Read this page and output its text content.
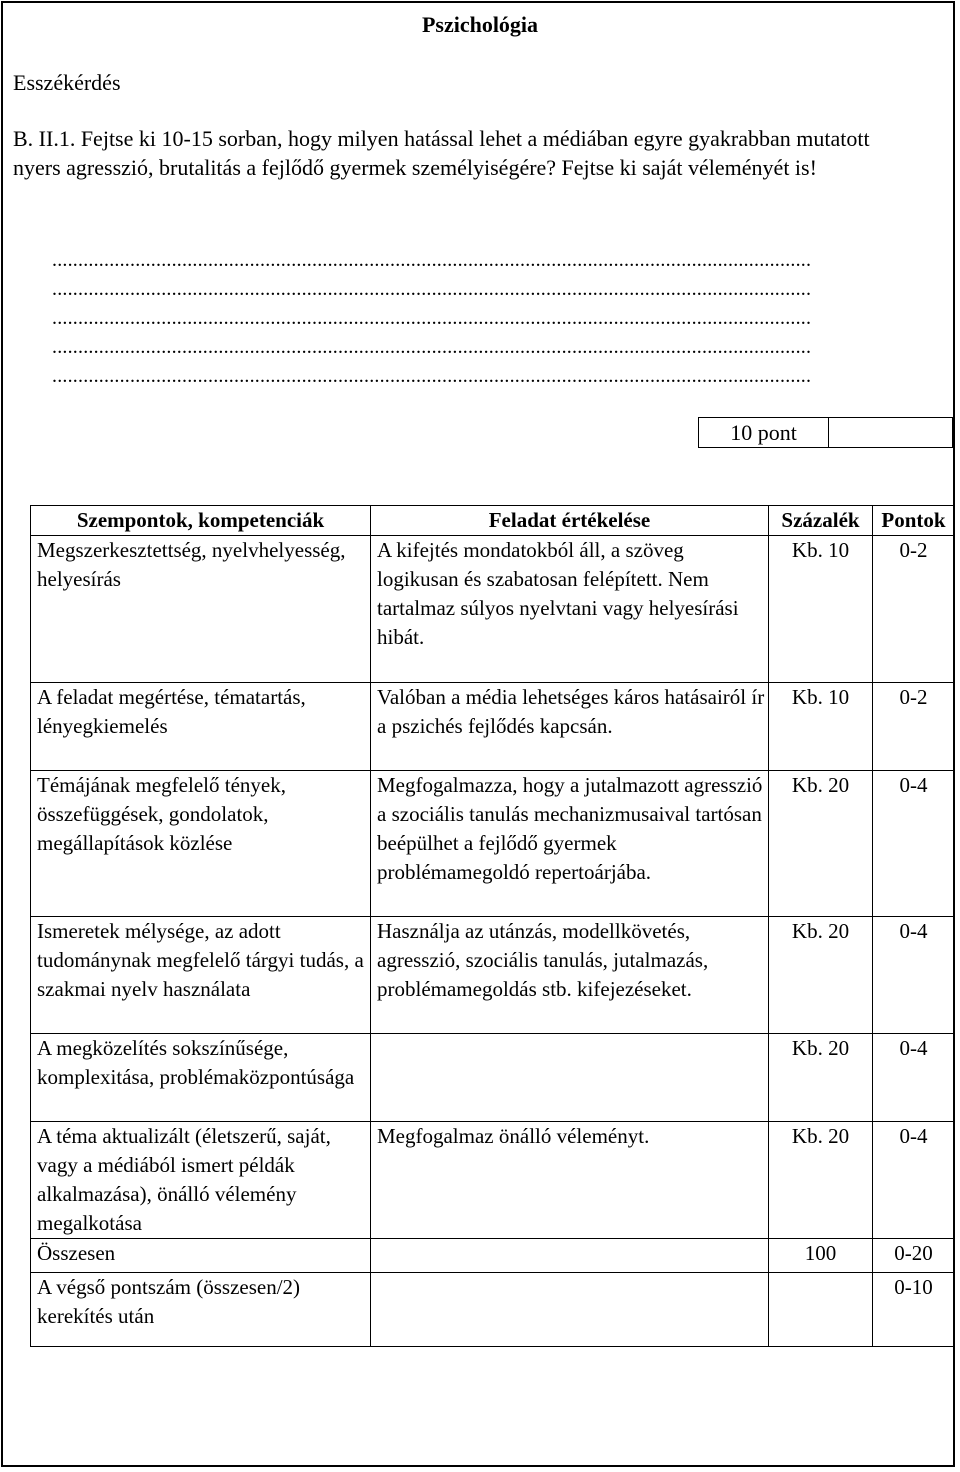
Pszichológia
Esszékérdés
B. II.1. Fejtse ki 10-15 sorban, hogy milyen hatással lehet a médiában egyre gyakrabban mutatott nyers agresszió, brutalitás a fejlődő gyermek személyiségére? Fejtse ki saját véleményét is!
..................................................................................................................................................
..................................................................................................................................................
..................................................................................................................................................
..................................................................................................................................................
..................................................................................................................................................
10 pont
Szempontok, kompetenciák	Feladat értékelése	Százalék	Pontok
Megszerkesztettség, nyelvhelyesség, helyesírás	A kifejtés mondatokból áll, a szöveg logikusan és szabatosan felépített. Nem tartalmaz súlyos nyelvtani vagy helyesírási hibát.	Kb. 10	0-2
A feladat megértése, tématartás, lényegkiemelés	Valóban a média lehetséges káros hatásairól ír a pszichés fejlődés kapcsán.	Kb. 10	0-2
Témájának megfelelő tények, összefüggések, gondolatok, megállapítások közlése	Megfogalmazza, hogy a jutalmazott agresszió a szociális tanulás mechanizmusaival tartósan beépülhet a fejlődő gyermek problémamegoldó repertoárjába.	Kb. 20	0-4
Ismeretek mélysége, az adott tudománynak megfelelő tárgyi tudás, a szakmai nyelv használata	Használja az utánzás, modellkövetés, agresszió, szociális tanulás, jutalmazás, problémamegoldás stb. kifejezéseket.	Kb. 20	0-4
A megközelítés sokszínűsége, komplexitása, problémaközpontúsága		Kb. 20	0-4
A téma aktualizált (életszerű, saját, vagy a médiából ismert példák alkalmazása), önálló vélemény megalkotása	Megfogalmaz önálló véleményt.	Kb. 20	0-4
Összesen		100	0-20
A végső pontszám (összesen/2) kerekítés után			0-10
